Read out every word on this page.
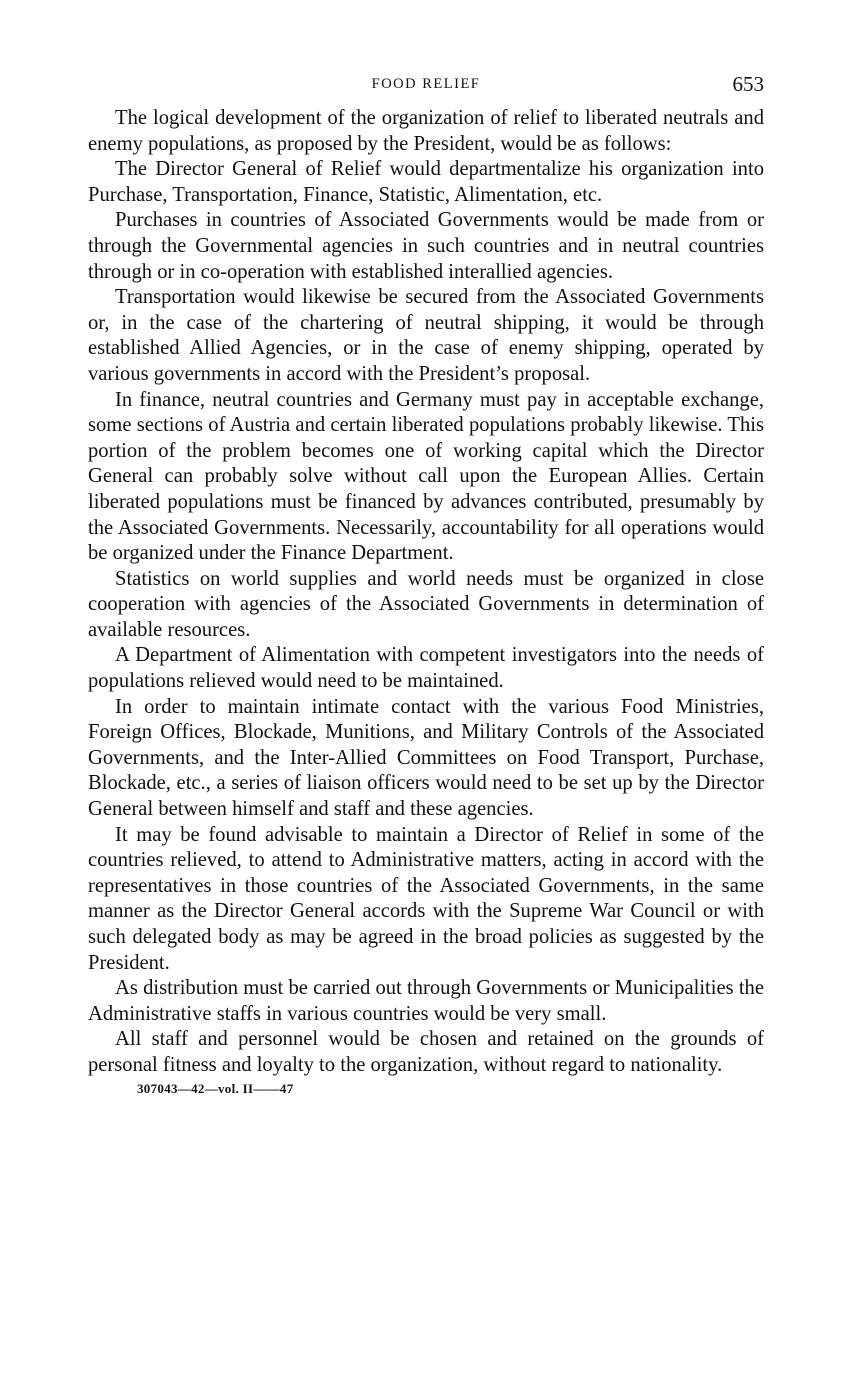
FOOD RELIEF	653

The logical development of the organization of relief to liberated neutrals and enemy populations, as proposed by the President, would be as follows:

The Director General of Relief would departmentalize his organization into Purchase, Transportation, Finance, Statistic, Alimentation, etc.

Purchases in countries of Associated Governments would be made from or through the Governmental agencies in such countries and in neutral countries through or in co-operation with established interallied agencies.

Transportation would likewise be secured from the Associated Governments or, in the case of the chartering of neutral shipping, it would be through established Allied Agencies, or in the case of enemy shipping, operated by various governments in accord with the President’s proposal.

In finance, neutral countries and Germany must pay in acceptable exchange, some sections of Austria and certain liberated populations probably likewise. This portion of the problem becomes one of working capital which the Director General can probably solve without call upon the European Allies. Certain liberated populations must be financed by advances contributed, presumably by the Associated Governments. Necessarily, accountability for all operations would be organized under the Finance Department.

Statistics on world supplies and world needs must be organized in close cooperation with agencies of the Associated Governments in determination of available resources.

A Department of Alimentation with competent investigators into the needs of populations relieved would need to be maintained.

In order to maintain intimate contact with the various Food Ministries, Foreign Offices, Blockade, Munitions, and Military Controls of the Associated Governments, and the Inter-Allied Committees on Food Transport, Purchase, Blockade, etc., a series of liaison officers would need to be set up by the Director General between himself and staff and these agencies.

It may be found advisable to maintain a Director of Relief in some of the countries relieved, to attend to Administrative matters, acting in accord with the representatives in those countries of the Associated Governments, in the same manner as the Director General accords with the Supreme War Council or with such delegated body as may be agreed in the broad policies as suggested by the President.

As distribution must be carried out through Governments or Municipalities the Administrative staffs in various countries would be very small.

All staff and personnel would be chosen and retained on the grounds of personal fitness and loyalty to the organization, without regard to nationality.

307043—42—vol. II——47
